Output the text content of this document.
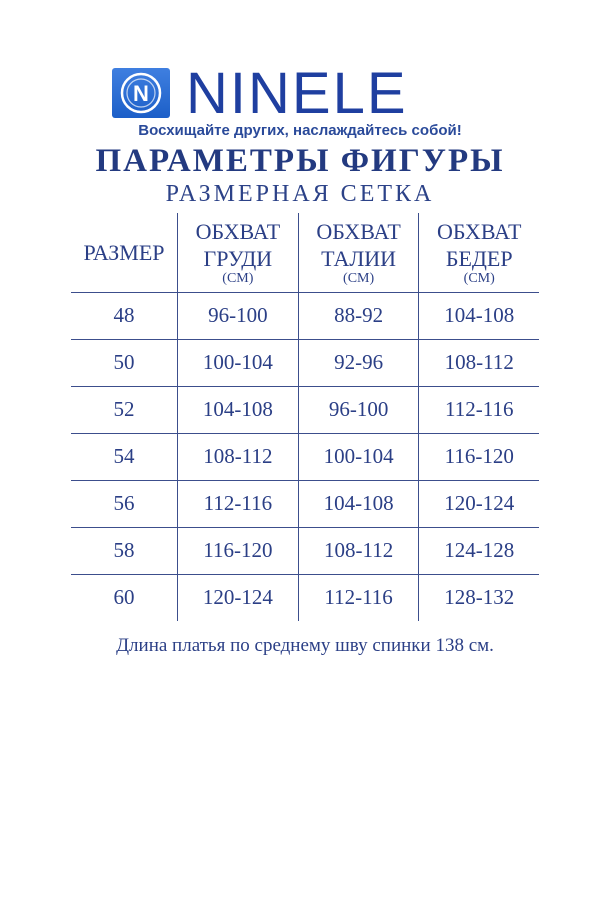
N NINELE
Восхищайте других, наслаждайтесь собой!
ПАРАМЕТРЫ ФИГУРЫ
РАЗМЕРНАЯ СЕТКА
РАЗМЕР	ОБХВАТ
ГРУДИ
(СМ)	ОБХВАТ
ТАЛИИ
(СМ)	ОБХВАТ
БЕДЕР
(СМ)

48	96-100	88-92	104-108
50	100-104	92-96	108-112
52	104-108	96-100	112-116
54	108-112	100-104	116-120
56	112-116	104-108	120-124
58	116-120	108-112	124-128
60	120-124	112-116	128-132
Длина платья по среднему шву спинки 138 см.
